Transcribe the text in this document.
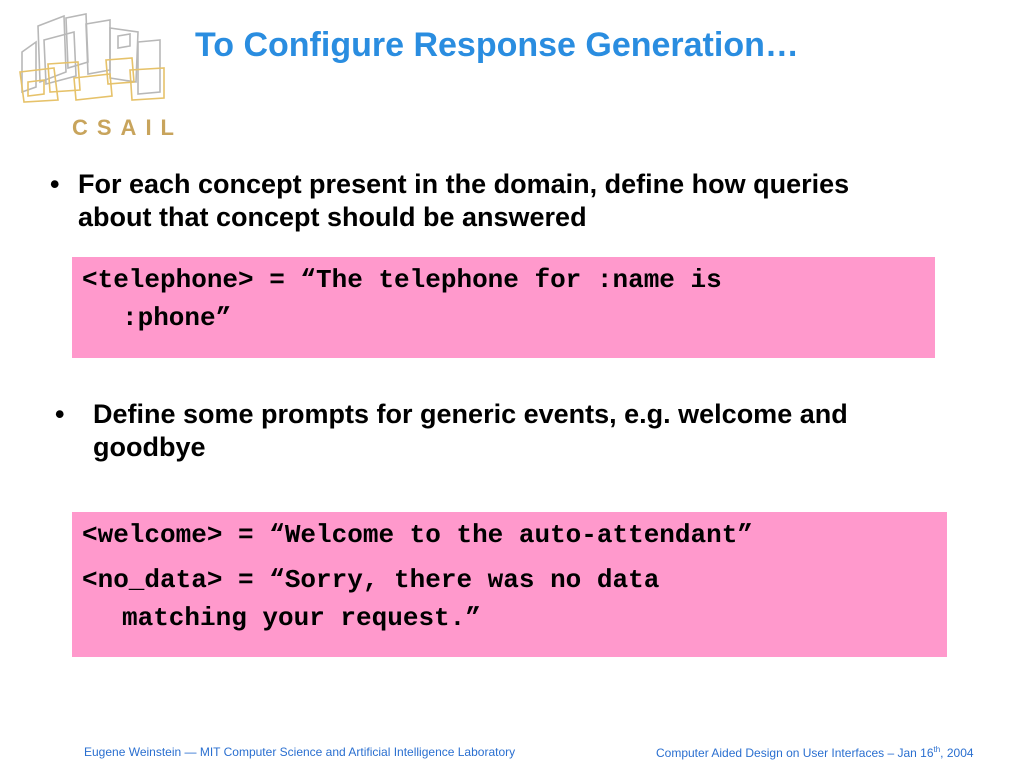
CSAIL
To Configure Response Generation…
• For each concept present in the domain, define how queries
about that concept should be answered
<telephone> = “The telephone for :name is
:phone”
• Define some prompts for generic events, e.g. welcome and
goodbye
<welcome> = “Welcome to the auto-attendant”
<no_data> = “Sorry, there was no data
matching your request.”
Eugene Weinstein — MIT Computer Science and Artificial Intelligence Laboratory	Computer Aided Design on User Interfaces – Jan 16th, 2004
